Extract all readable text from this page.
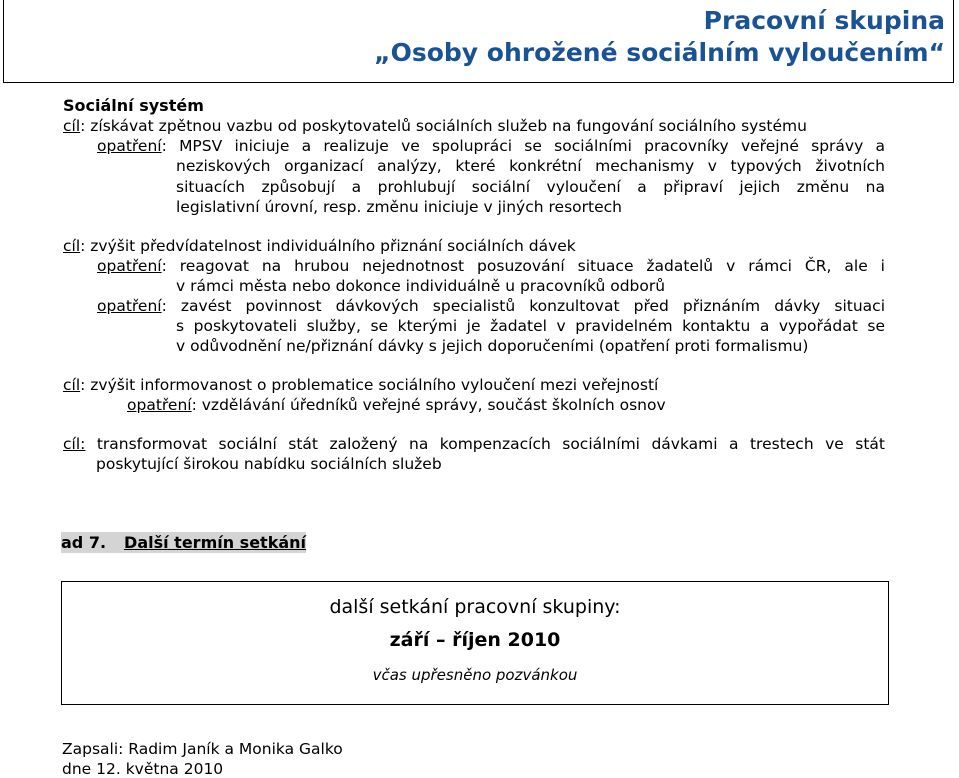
Pracovní skupina
„Osoby ohrožené sociálním vyloučením“
Sociální systém
cíl: získávat zpětnou vazbu od poskytovatelů sociálních služeb na fungování sociálního systému
opatření: MPSV iniciuje a realizuje ve spolupráci se sociálními pracovníky veřejné správy a
neziskových organizací analýzy, které konkrétní mechanismy v typových životních
situacích způsobují a prohlubují sociální vyloučení a připraví jejich změnu na
legislativní úrovní, resp. změnu iniciuje v jiných resortech
cíl: zvýšit předvídatelnost individuálního přiznání sociálních dávek
opatření: reagovat na hrubou nejednotnost posuzování situace žadatelů v rámci ČR, ale i
v rámci města nebo dokonce individuálně u pracovníků odborů
opatření: zavést povinnost dávkových specialistů konzultovat před přiznáním dávky situaci
s poskytovateli služby, se kterými je žadatel v pravidelném kontaktu a vypořádat se
v odůvodnění ne/přiznání dávky s jejich doporučeními (opatření proti formalismu)
cíl: zvýšit informovanost o problematice sociálního vyloučení mezi veřejností
opatření: vzdělávání úředníků veřejné správy, součást školních osnov
cíl: transformovat sociální stát založený na kompenzacích sociálními dávkami a trestech ve stát
poskytující širokou nabídku sociálních služeb
ad 7. Další termín setkání
další setkání pracovní skupiny:
září – říjen 2010
včas upřesněno pozvánkou
Zapsali: Radim Janík a Monika Galko
dne 12. května 2010
